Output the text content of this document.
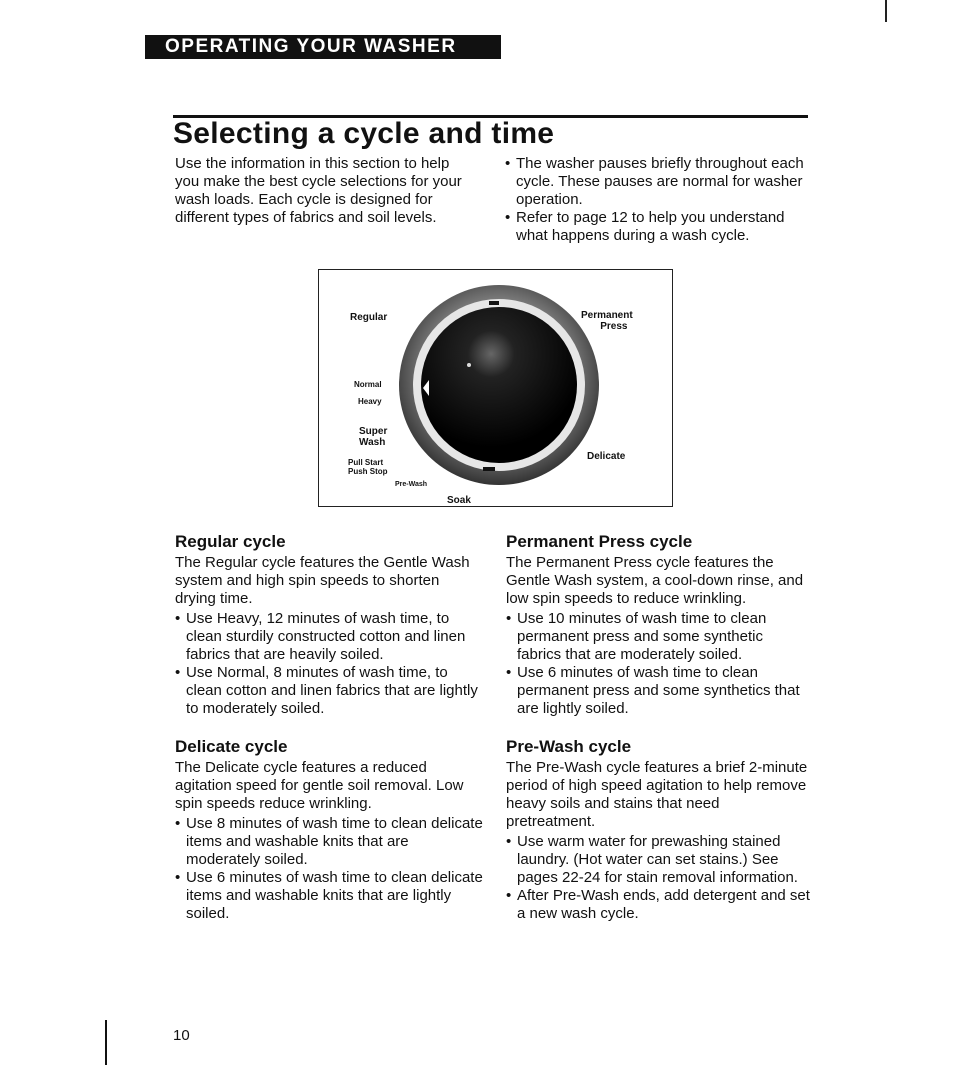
OPERATING YOUR WASHER
Selecting a cycle and time

Use the information in this section to help you make the best cycle selections for your wash loads. Each cycle is designed for different types of fabrics and soil levels.

• The washer pauses briefly throughout each cycle. These pauses are normal for washer operation.
• Refer to page 12 to help you understand what happens during a wash cycle.
Regular	Permanent
Press
Normal
Heavy
Super
Wash
Pull Start
Push Stop
Pre-Wash
Soak
Delicate
Regular cycle

The Regular cycle features the Gentle Wash system and high spin speeds to shorten drying time.

• Use Heavy, 12 minutes of wash time, to clean sturdily constructed cotton and linen fabrics that are heavily soiled.
• Use Normal, 8 minutes of wash time, to clean cotton and linen fabrics that are lightly to moderately soiled.
Permanent Press cycle

The Permanent Press cycle features the Gentle Wash system, a cool-down rinse, and low spin speeds to reduce wrinkling.

• Use 10 minutes of wash time to clean permanent press and some synthetic fabrics that are moderately soiled.
• Use 6 minutes of wash time to clean permanent press and some synthetics that are lightly soiled.
Delicate cycle

The Delicate cycle features a reduced agitation speed for gentle soil removal. Low spin speeds reduce wrinkling.

• Use 8 minutes of wash time to clean delicate items and washable knits that are moderately soiled.
• Use 6 minutes of wash time to clean delicate items and washable knits that are lightly soiled.
Pre-Wash cycle

The Pre-Wash cycle features a brief 2-minute period of high speed agitation to help remove heavy soils and stains that need pretreatment.

• Use warm water for prewashing stained laundry. (Hot water can set stains.) See pages 22-24 for stain removal information.
• After Pre-Wash ends, add detergent and set a new wash cycle.
10
